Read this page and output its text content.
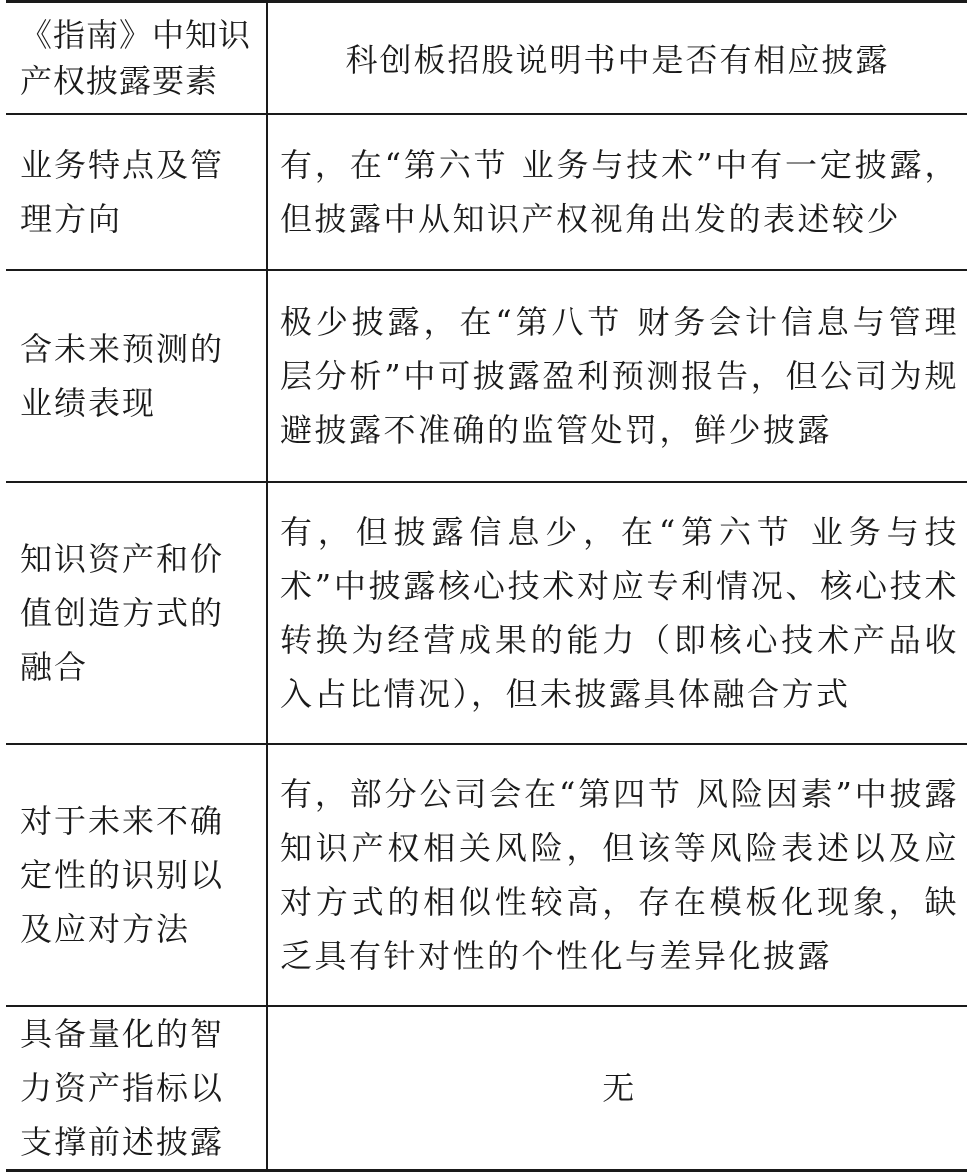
《指南》中知识产权披露要素	科创板招股说明书中是否有相应披露
业务特点及管理方向	有，在“第六节 业务与技术”中有一定披露，但披露中从知识产权视角出发的表述较少
含未来预测的业绩表现	极少披露，在“第八节 财务会计信息与管理层分析”中可披露盈利预测报告，但公司为规避披露不准确的监管处罚，鲜少披露
知识资产和价值创造方式的融合	有，但披露信息少，在“第六节 业务与技术”中披露核心技术对应专利情况、核心技术转换为经营成果的能力（即核心技术产品收入占比情况），但未披露具体融合方式
对于未来不确定性的识别以及应对方法	有，部分公司会在“第四节 风险因素”中披露知识产权相关风险，但该等风险表述以及应对方式的相似性较高，存在模板化现象，缺乏具有针对性的个性化与差异化披露
具备量化的智力资产指标以支撑前述披露	无
